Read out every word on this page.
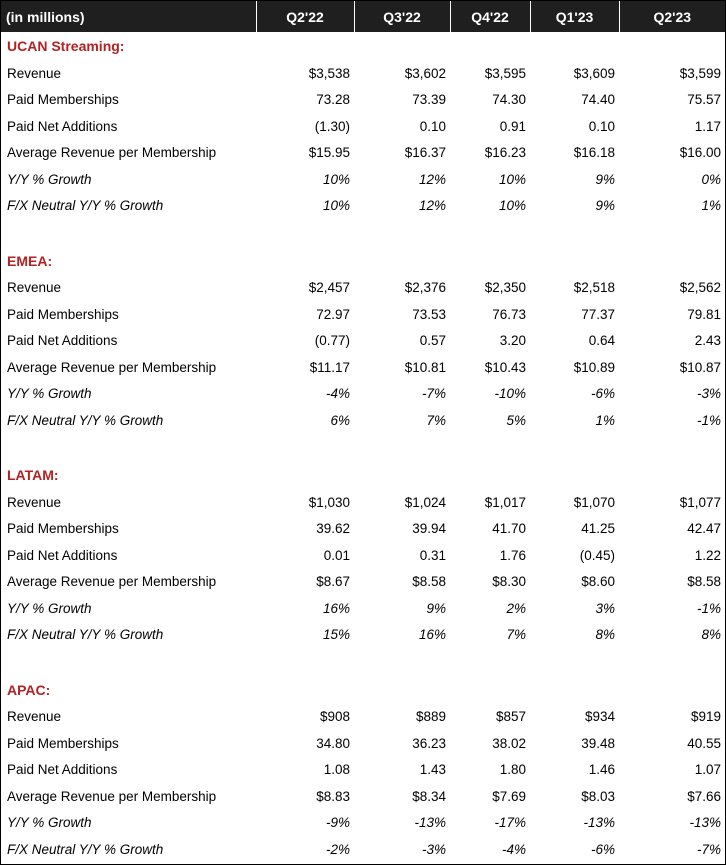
(in millions)	Q2'22	Q3'22	Q4'22	Q1'23	Q2'23
UCAN Streaming:					
Revenue	$3,538	$3,602	$3,595	$3,609	$3,599
Paid Memberships	73.28	73.39	74.30	74.40	75.57
Paid Net Additions	(1.30)	0.10	0.91	0.10	1.17
Average Revenue per Membership	$15.95	$16.37	$16.23	$16.18	$16.00
Y/Y % Growth	10%	12%	10%	9%	0%
F/X Neutral Y/Y % Growth	10%	12%	10%	9%	1%

EMEA:					
Revenue	$2,457	$2,376	$2,350	$2,518	$2,562
Paid Memberships	72.97	73.53	76.73	77.37	79.81
Paid Net Additions	(0.77)	0.57	3.20	0.64	2.43
Average Revenue per Membership	$11.17	$10.81	$10.43	$10.89	$10.87
Y/Y % Growth	-4%	-7%	-10%	-6%	-3%
F/X Neutral Y/Y % Growth	6%	7%	5%	1%	-1%

LATAM:					
Revenue	$1,030	$1,024	$1,017	$1,070	$1,077
Paid Memberships	39.62	39.94	41.70	41.25	42.47
Paid Net Additions	0.01	0.31	1.76	(0.45)	1.22
Average Revenue per Membership	$8.67	$8.58	$8.30	$8.60	$8.58
Y/Y % Growth	16%	9%	2%	3%	-1%
F/X Neutral Y/Y % Growth	15%	16%	7%	8%	8%

APAC:					
Revenue	$908	$889	$857	$934	$919
Paid Memberships	34.80	36.23	38.02	39.48	40.55
Paid Net Additions	1.08	1.43	1.80	1.46	1.07
Average Revenue per Membership	$8.83	$8.34	$7.69	$8.03	$7.66
Y/Y % Growth	-9%	-13%	-17%	-13%	-13%
F/X Neutral Y/Y % Growth	-2%	-3%	-4%	-6%	-7%
